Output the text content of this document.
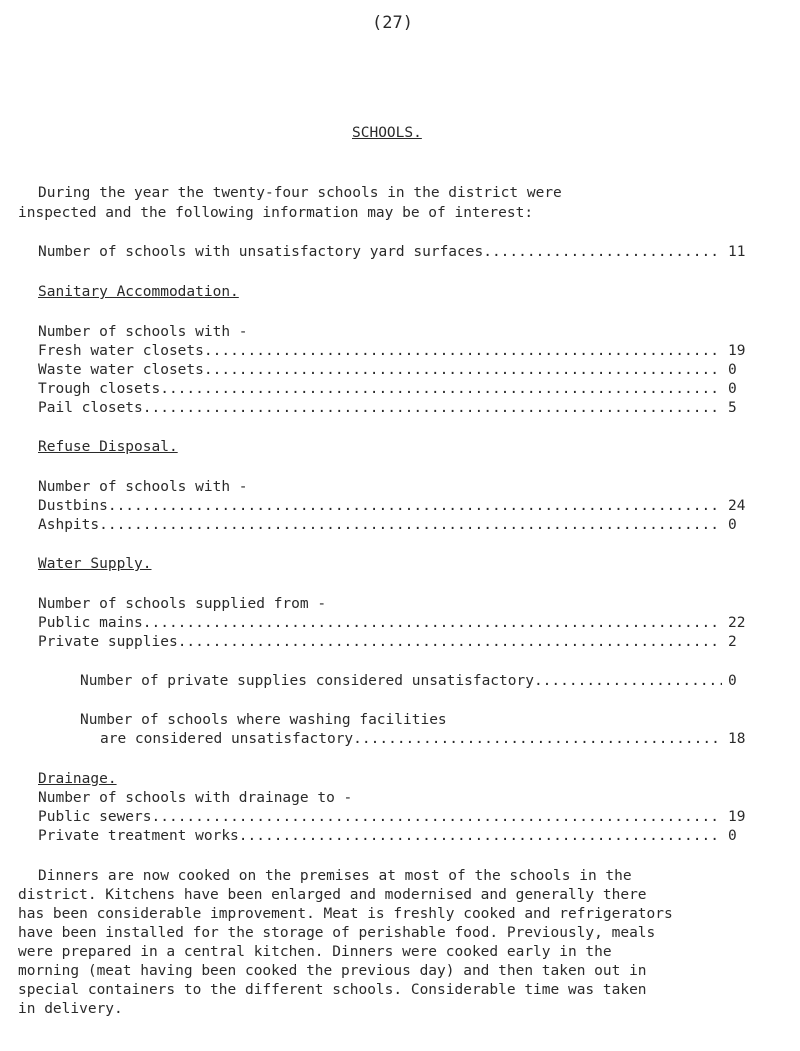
(27)
SCHOOLS.
During the year the twenty-four schools in the district were
inspected and the following information may be of interest:
Number of schools with unsatisfactory yard surfaces .....	11
Sanitary Accommodation.
Number of schools with -
Fresh water closets .....	19
Waste water closets .....	0
Trough closets .....	0
Pail closets .....	5
Refuse Disposal.
Number of schools with -
Dustbins .....	24
Ashpits .....	0
Water Supply.
Number of schools supplied from -
Public mains .....	22
Private supplies .....	2
Number of private supplies considered unsatisfactory .....	0
Number of schools where washing facilities
are considered unsatisfactory .....	18
Drainage.
Number of schools with drainage to -
Public sewers .....	19
Private treatment works .....	0
Dinners are now cooked on the premises at most of the schools in the
district. Kitchens have been enlarged and modernised and generally there
has been considerable improvement. Meat is freshly cooked and refrigerators
have been installed for the storage of perishable food. Previously, meals
were prepared in a central kitchen. Dinners were cooked early in the
morning (meat having been cooked the previous day) and then taken out in
special containers to the different schools. Considerable time was taken
in delivery.
